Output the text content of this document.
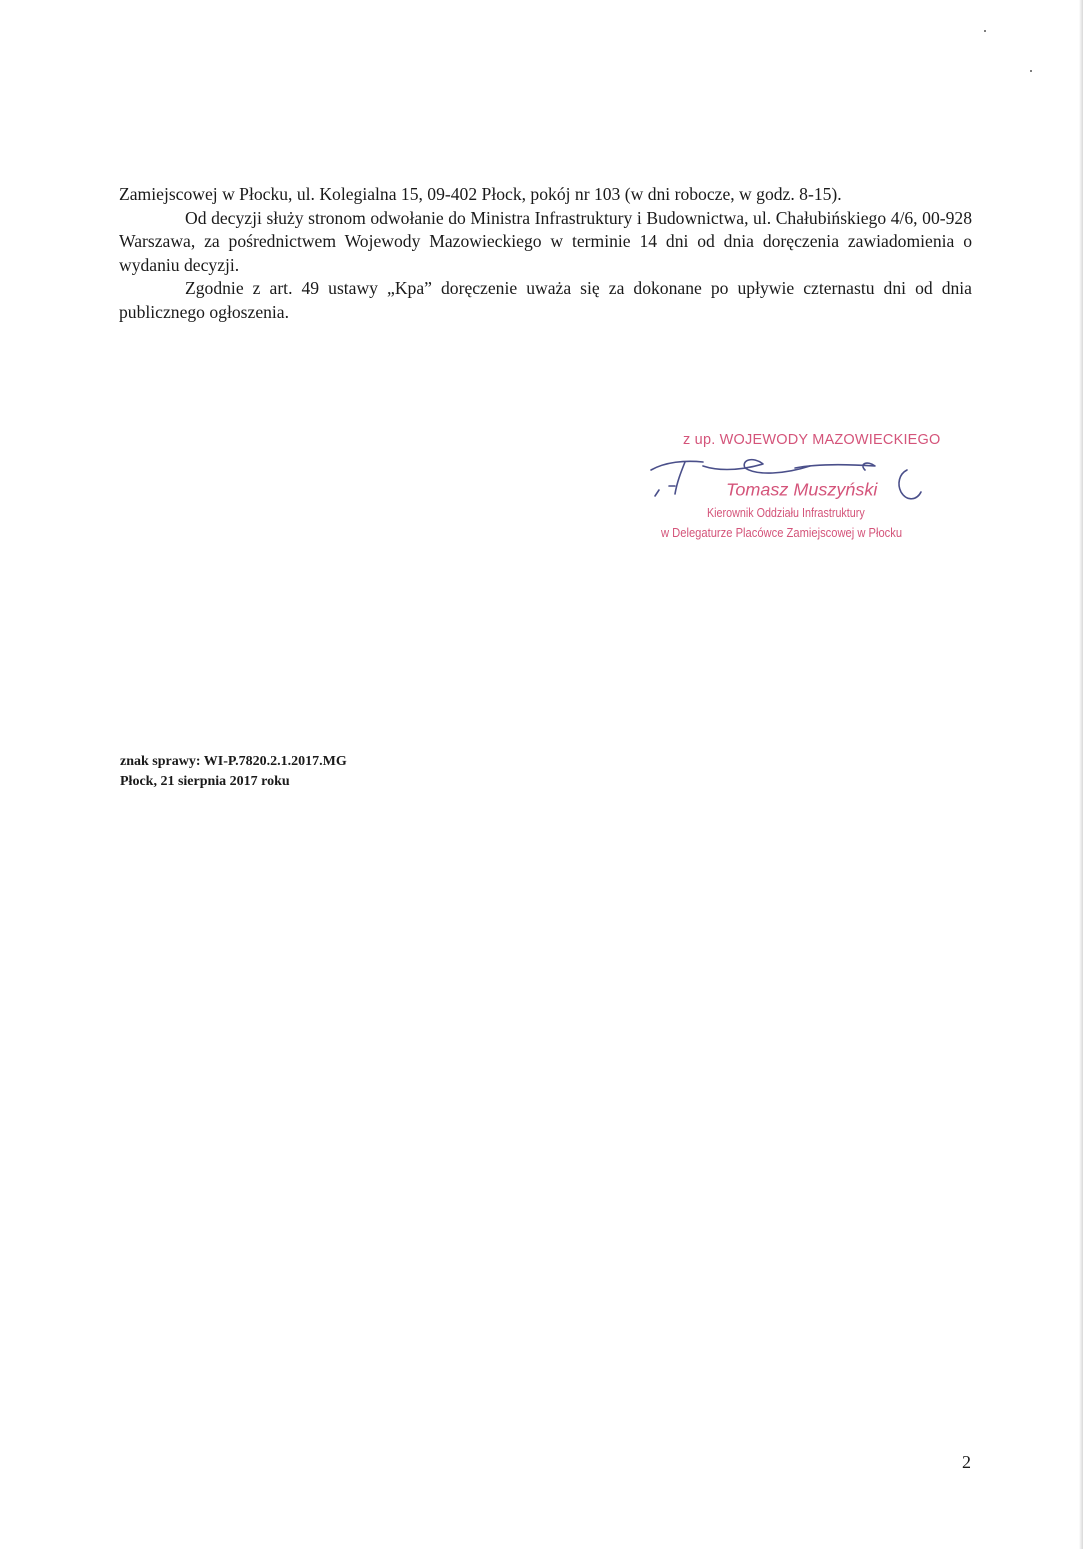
Zamiejscowej w Płocku, ul. Kolegialna 15, 09-402 Płock, pokój nr 103 (w dni robocze, w godz. 8-15).

Od decyzji służy stronom odwołanie do Ministra Infrastruktury i Budownictwa, ul. Chałubińskiego 4/6, 00-928 Warszawa, za pośrednictwem Wojewody Mazowieckiego w terminie 14 dni od dnia doręczenia zawiadomienia o wydaniu decyzji.

Zgodnie z art. 49 ustawy „Kpa” doręczenie uważa się za dokonane po upływie czternastu dni od dnia publicznego ogłoszenia.

z up. WOJEWODY MAZOWIECKIEGO
Tomasz Muszyński
Kierownik Oddziału Infrastruktury
w Delegaturze Placówce Zamiejscowej w Płocku
znak sprawy: WI-P.7820.2.1.2017.MG
Płock, 21 sierpnia 2017 roku
2
